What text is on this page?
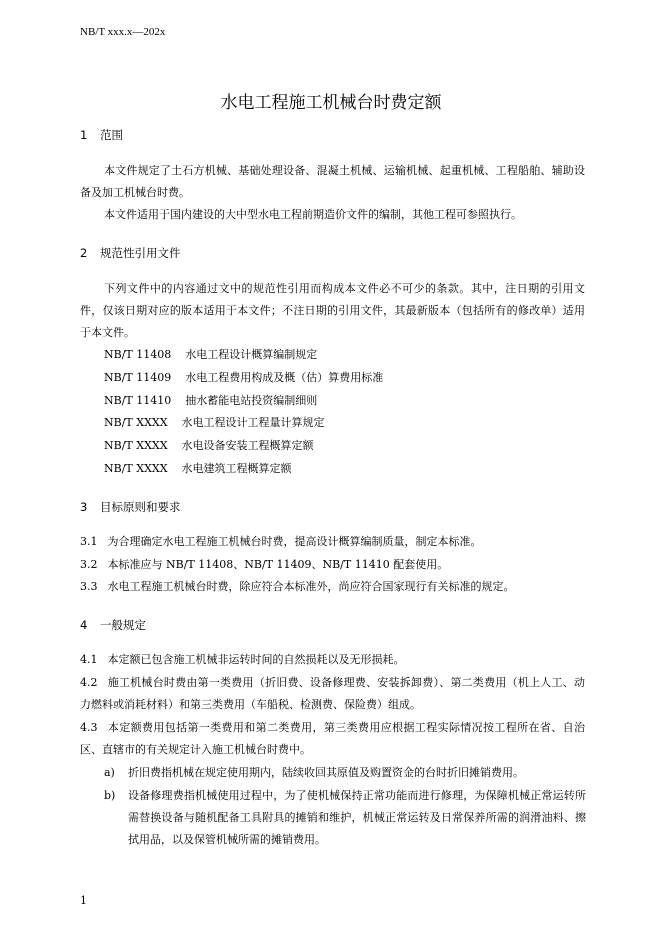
NB/T xxx.x—202x
水电工程施工机械台时费定额
1 范围
本文件规定了土石方机械、基础处理设备、混凝土机械、运输机械、起重机械、工程船舶、辅助设备及加工机械台时费。
本文件适用于国内建设的大中型水电工程前期造价文件的编制，其他工程可参照执行。
2 规范性引用文件
下列文件中的内容通过文中的规范性引用而构成本文件必不可少的条款。其中，注日期的引用文件，仅该日期对应的版本适用于本文件；不注日期的引用文件，其最新版本（包括所有的修改单）适用于本文件。
NB/T 11408    水电工程设计概算编制规定
NB/T 11409    水电工程费用构成及概（估）算费用标准
NB/T 11410    抽水蓄能电站投资编制细则
NB/T XXXX    水电工程设计工程量计算规定
NB/T XXXX    水电设备安装工程概算定额
NB/T XXXX    水电建筑工程概算定额
3 目标原则和要求
3.1 为合理确定水电工程施工机械台时费，提高设计概算编制质量，制定本标准。
3.2 本标准应与 NB/T 11408、NB/T 11409、NB/T 11410 配套使用。
3.3 水电工程施工机械台时费，除应符合本标准外，尚应符合国家现行有关标准的规定。
4 一般规定
4.1 本定额已包含施工机械非运转时间的自然损耗以及无形损耗。
4.2 施工机械台时费由第一类费用（折旧费、设备修理费、安装拆卸费）、第二类费用（机上人工、动力燃料或消耗材料）和第三类费用（车船税、检测费、保险费）组成。
4.3 本定额费用包括第一类费用和第二类费用，第三类费用应根据工程实际情况按工程所在省、自治区、直辖市的有关规定计入施工机械台时费中。
a)	折旧费指机械在规定使用期内，陆续收回其原值及购置资金的台时折旧摊销费用。
b)	设备修理费指机械使用过程中，为了使机械保持正常功能而进行修理，为保障机械正常运转所需替换设备与随机配备工具附具的摊销和维护，机械正常运转及日常保养所需的润滑油料、擦拭用品，以及保管机械所需的摊销费用。
1
